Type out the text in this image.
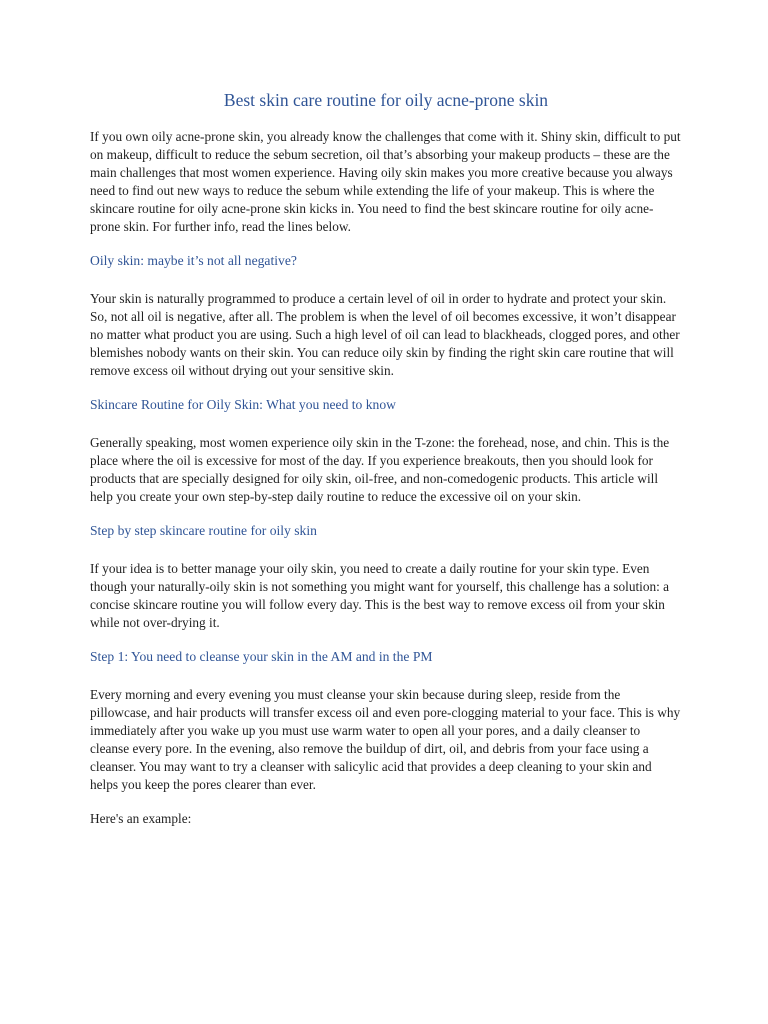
Best skin care routine for oily acne-prone skin

If you own oily acne-prone skin, you already know the challenges that come with it. Shiny skin, difficult to put on makeup, difficult to reduce the sebum secretion, oil that’s absorbing your makeup products – these are the main challenges that most women experience. Having oily skin makes you more creative because you always need to find out new ways to reduce the sebum while extending the life of your makeup. This is where the skincare routine for oily acne-prone skin kicks in. You need to find the best skincare routine for oily acne-prone skin. For further info, read the lines below.

Oily skin: maybe it’s not all negative?

Your skin is naturally programmed to produce a certain level of oil in order to hydrate and protect your skin. So, not all oil is negative, after all. The problem is when the level of oil becomes excessive, it won’t disappear no matter what product you are using. Such a high level of oil can lead to blackheads, clogged pores, and other blemishes nobody wants on their skin. You can reduce oily skin by finding the right skin care routine that will remove excess oil without drying out your sensitive skin.

Skincare Routine for Oily Skin: What you need to know

Generally speaking, most women experience oily skin in the T-zone: the forehead, nose, and chin. This is the place where the oil is excessive for most of the day. If you experience breakouts, then you should look for products that are specially designed for oily skin, oil-free, and non-comedogenic products. This article will help you create your own step-by-step daily routine to reduce the excessive oil on your skin.

Step by step skincare routine for oily skin

If your idea is to better manage your oily skin, you need to create a daily routine for your skin type. Even though your naturally-oily skin is not something you might want for yourself, this challenge has a solution: a concise skincare routine you will follow every day. This is the best way to remove excess oil from your skin while not over-drying it.

Step 1: You need to cleanse your skin in the AM and in the PM

Every morning and every evening you must cleanse your skin because during sleep, reside from the pillowcase, and hair products will transfer excess oil and even pore-clogging material to your face. This is why immediately after you wake up you must use warm water to open all your pores, and a daily cleanser to cleanse every pore. In the evening, also remove the buildup of dirt, oil, and debris from your face using a cleanser. You may want to try a cleanser with salicylic acid that provides a deep cleaning to your skin and helps you keep the pores clearer than ever.

Here's an example:
